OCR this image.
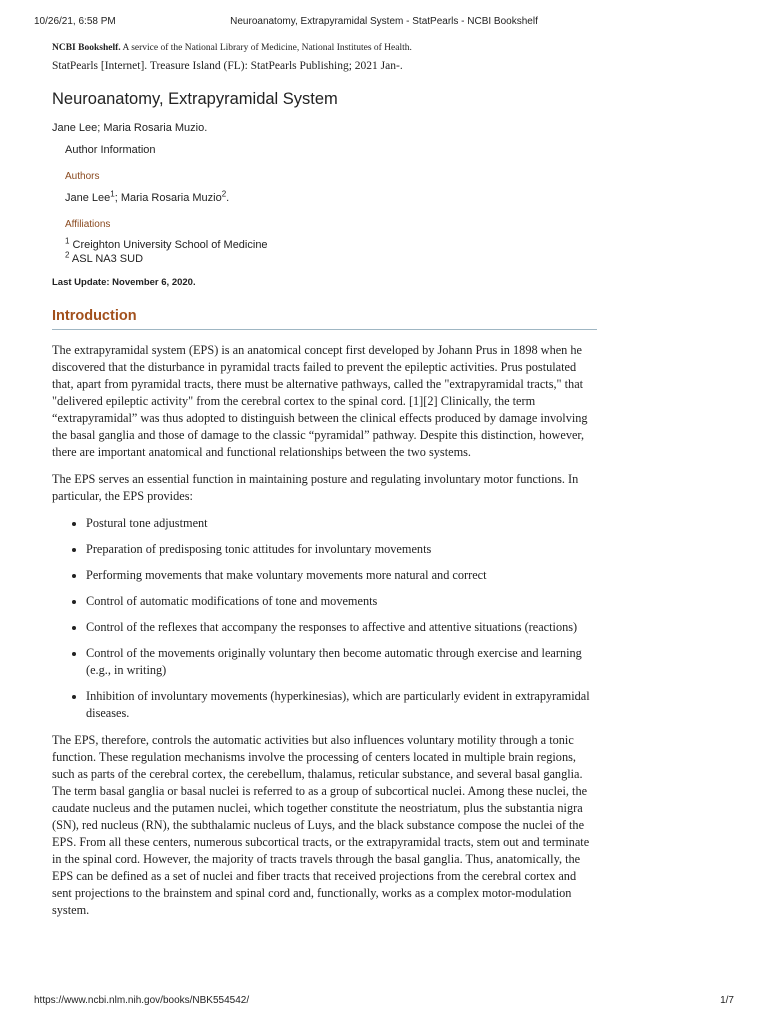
10/26/21, 6:58 PM	Neuroanatomy, Extrapyramidal System - StatPearls - NCBI Bookshelf
NCBI Bookshelf. A service of the National Library of Medicine, National Institutes of Health.
StatPearls [Internet]. Treasure Island (FL): StatPearls Publishing; 2021 Jan-.
Neuroanatomy, Extrapyramidal System
Jane Lee; Maria Rosaria Muzio.
Author Information
Authors
Jane Lee$^1$; Maria Rosaria Muzio$^2$.
Affiliations
$^1$ Creighton University School of Medicine
$^2$ ASL NA3 SUD
Last Update: November 6, 2020.
Introduction

The extrapyramidal system (EPS) is an anatomical concept first developed by Johann Prus in 1898 when he discovered that the disturbance in pyramidal tracts failed to prevent the epileptic activities. Prus postulated that, apart from pyramidal tracts, there must be alternative pathways, called the "extrapyramidal tracts," that "delivered epileptic activity" from the cerebral cortex to the spinal cord. [1][2] Clinically, the term “extrapyramidal” was thus adopted to distinguish between the clinical effects produced by damage involving the basal ganglia and those of damage to the classic “pyramidal” pathway. Despite this distinction, however, there are important anatomical and functional relationships between the two systems.

The EPS serves an essential function in maintaining posture and regulating involuntary motor functions. In particular, the EPS provides:

• Postural tone adjustment
• Preparation of predisposing tonic attitudes for involuntary movements
• Performing movements that make voluntary movements more natural and correct
• Control of automatic modifications of tone and movements
• Control of the reflexes that accompany the responses to affective and attentive situations (reactions)
• Control of the movements originally voluntary then become automatic through exercise and learning (e.g., in writing)
• Inhibition of involuntary movements (hyperkinesias), which are particularly evident in extrapyramidal diseases.

The EPS, therefore, controls the automatic activities but also influences voluntary motility through a tonic function. These regulation mechanisms involve the processing of centers located in multiple brain regions, such as parts of the cerebral cortex, the cerebellum, thalamus, reticular substance, and several basal ganglia. The term basal ganglia or basal nuclei is referred to as a group of subcortical nuclei. Among these nuclei, the caudate nucleus and the putamen nuclei, which together constitute the neostriatum, plus the substantia nigra (SN), red nucleus (RN), the subthalamic nucleus of Luys, and the black substance compose the nuclei of the EPS. From all these centers, numerous subcortical tracts, or the extrapyramidal tracts, stem out and terminate in the spinal cord. However, the majority of tracts travels through the basal ganglia. Thus, anatomically, the EPS can be defined as a set of nuclei and fiber tracts that received projections from the cerebral cortex and sent projections to the brainstem and spinal cord and, functionally, works as a complex motor-modulation system.

https://www.ncbi.nlm.nih.gov/books/NBK554542/	1/7
